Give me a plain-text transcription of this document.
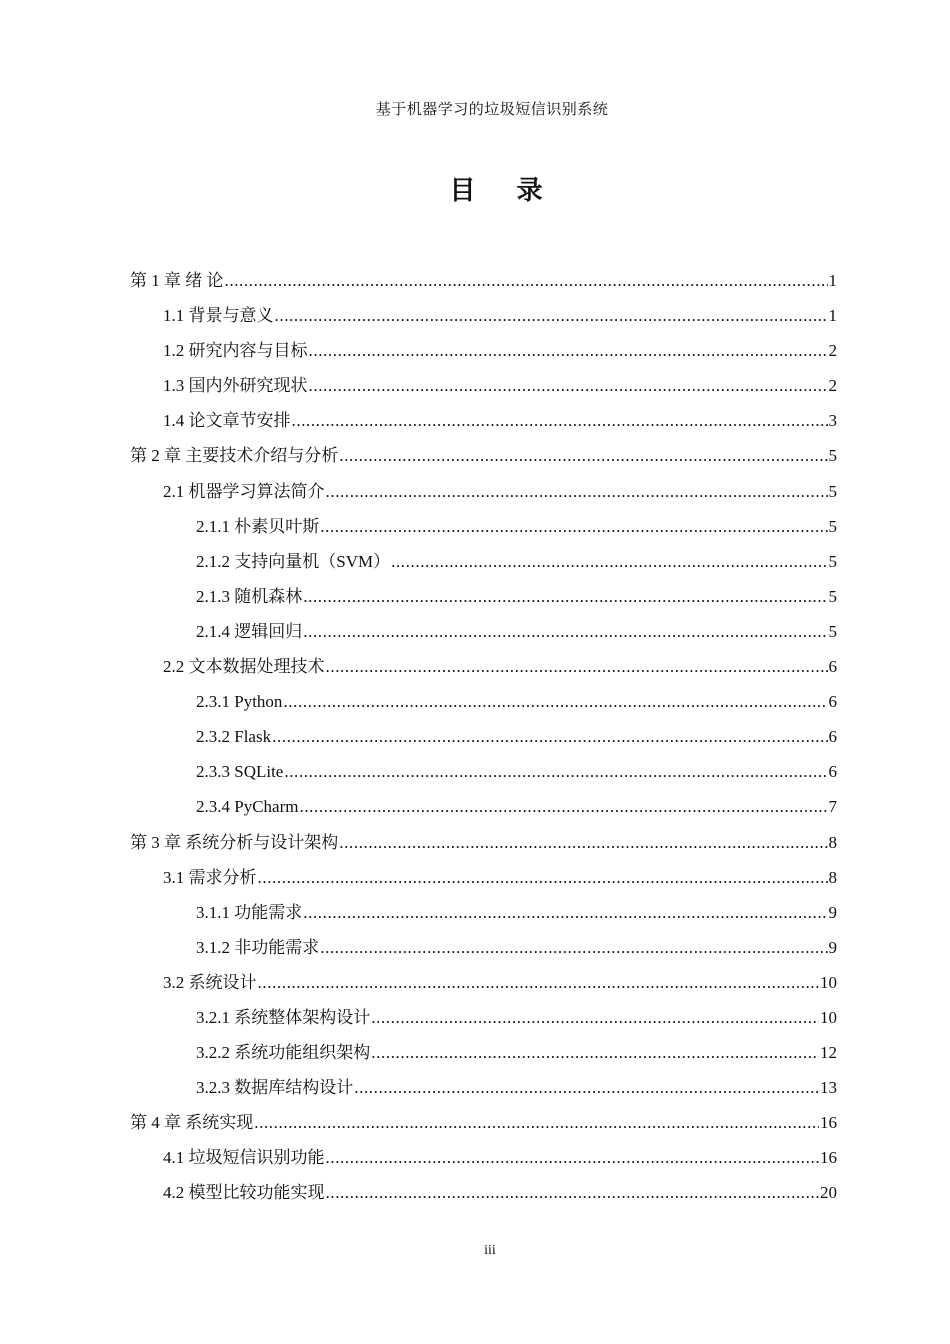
基于机器学习的垃圾短信识别系统
目 录
第 1 章 绪 论 .....	1
1.1 背景与意义 .....	1
1.2 研究内容与目标 .....	2
1.3 国内外研究现状 .....	2
1.4 论文章节安排 .....	3
第 2 章 主要技术介绍与分析 .....	5
2.1 机器学习算法简介 .....	5
2.1.1 朴素贝叶斯 .....	5
2.1.2 支持向量机（SVM） .....	5
2.1.3 随机森林 .....	5
2.1.4 逻辑回归 .....	5
2.2 文本数据处理技术 .....	6
2.3.1 Python .....	6
2.3.2 Flask .....	6
2.3.3 SQLite .....	6
2.3.4 PyCharm .....	7
第 3 章 系统分析与设计架构 .....	8
3.1 需求分析 .....	8
3.1.1 功能需求 .....	9
3.1.2 非功能需求 .....	9
3.2 系统设计 .....	10
3.2.1 系统整体架构设计 .....	10
3.2.2 系统功能组织架构 .....	12
3.2.3 数据库结构设计 .....	13
第 4 章 系统实现 .....	16
4.1 垃圾短信识别功能 .....	16
4.2 模型比较功能实现 .....	20
iii
